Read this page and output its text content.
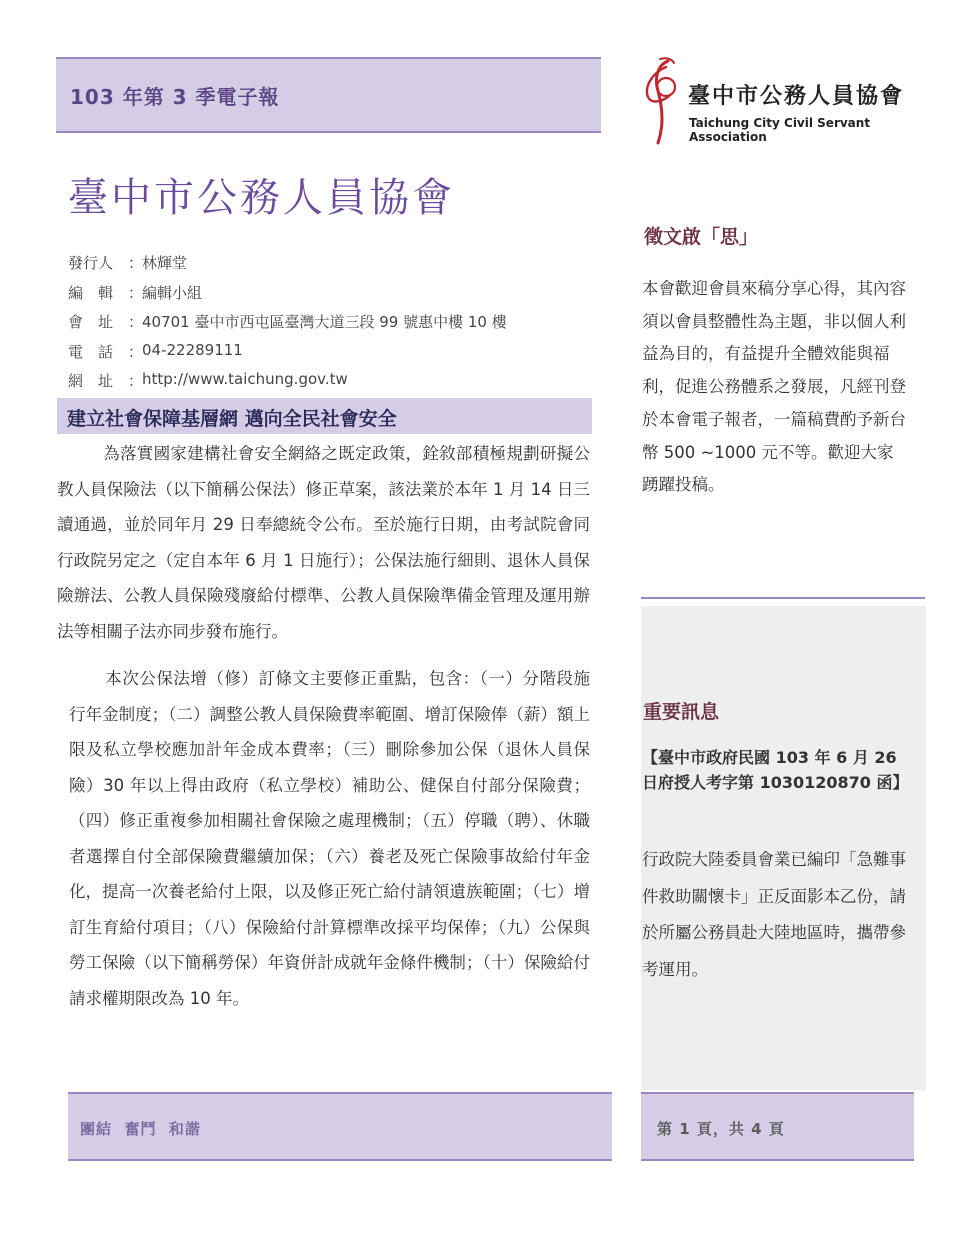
103 年第 3 季電子報	臺中市公務人員協會
Taichung City Civil Servant Association
臺中市公務人員協會
發行人 ：
林輝堂
編　輯 ：
編輯小組
會　址 ：
40701 臺中市西屯區臺灣大道三段 99 號惠中樓 10 樓
電　話 ：
04-22289111
網　址 ：
http://www.taichung.gov.tw
建立社會保障基層網 邁向全民社會安全

為落實國家建構社會安全網絡之既定政策，銓敘部積極規劃研擬公教人員保險法（以下簡稱公保法）修正草案，該法業於本年 1 月 14 日三讀通過，並於同年月 29 日奉總統令公布。至於施行日期，由考試院會同行政院另定之（定自本年 6 月 1 日施行）；公保法施行細則、退休人員保險辦法、公教人員保險殘廢給付標準、公教人員保險準備金管理及運用辦法等相關子法亦同步發布施行。

本次公保法增（修）訂條文主要修正重點，包含：（一）分階段施行年金制度；（二）調整公教人員保險費率範圍、增訂保險俸（薪）額上限及私立學校應加計年金成本費率；（三）刪除參加公保（退休人員保險）30 年以上得由政府（私立學校）補助公、健保自付部分保險費；（四）修正重複參加相關社會保險之處理機制；（五）停職（聘）、休職者選擇自付全部保險費繼續加保；（六）養老及死亡保險事故給付年金化，提高一次養老給付上限，以及修正死亡給付請領遺族範圍；（七）增訂生育給付項目；（八）保險給付計算標準改採平均保俸；（九）公保與勞工保險（以下簡稱勞保）年資併計成就年金條件機制；（十）保險給付請求權期限改為 10 年。

徵文啟「思」
本會歡迎會員來稿分享心得，其內容須以會員整體性為主題，非以個人利益為目的，有益提升全體效能與福利，促進公務體系之發展，凡經刊登於本會電子報者，一篇稿費酌予新台幣 500 ~1000 元不等。歡迎大家踴躍投稿。
重要訊息
【臺中市政府民國 103 年 6 月 26 日府授人考字第 1030120870 函】
行政院大陸委員會業已編印「急難事件救助關懷卡」正反面影本乙份，請於所屬公務員赴大陸地區時，攜帶參考運用。
團結  奮鬥  和諧	第 1 頁，共 4 頁
